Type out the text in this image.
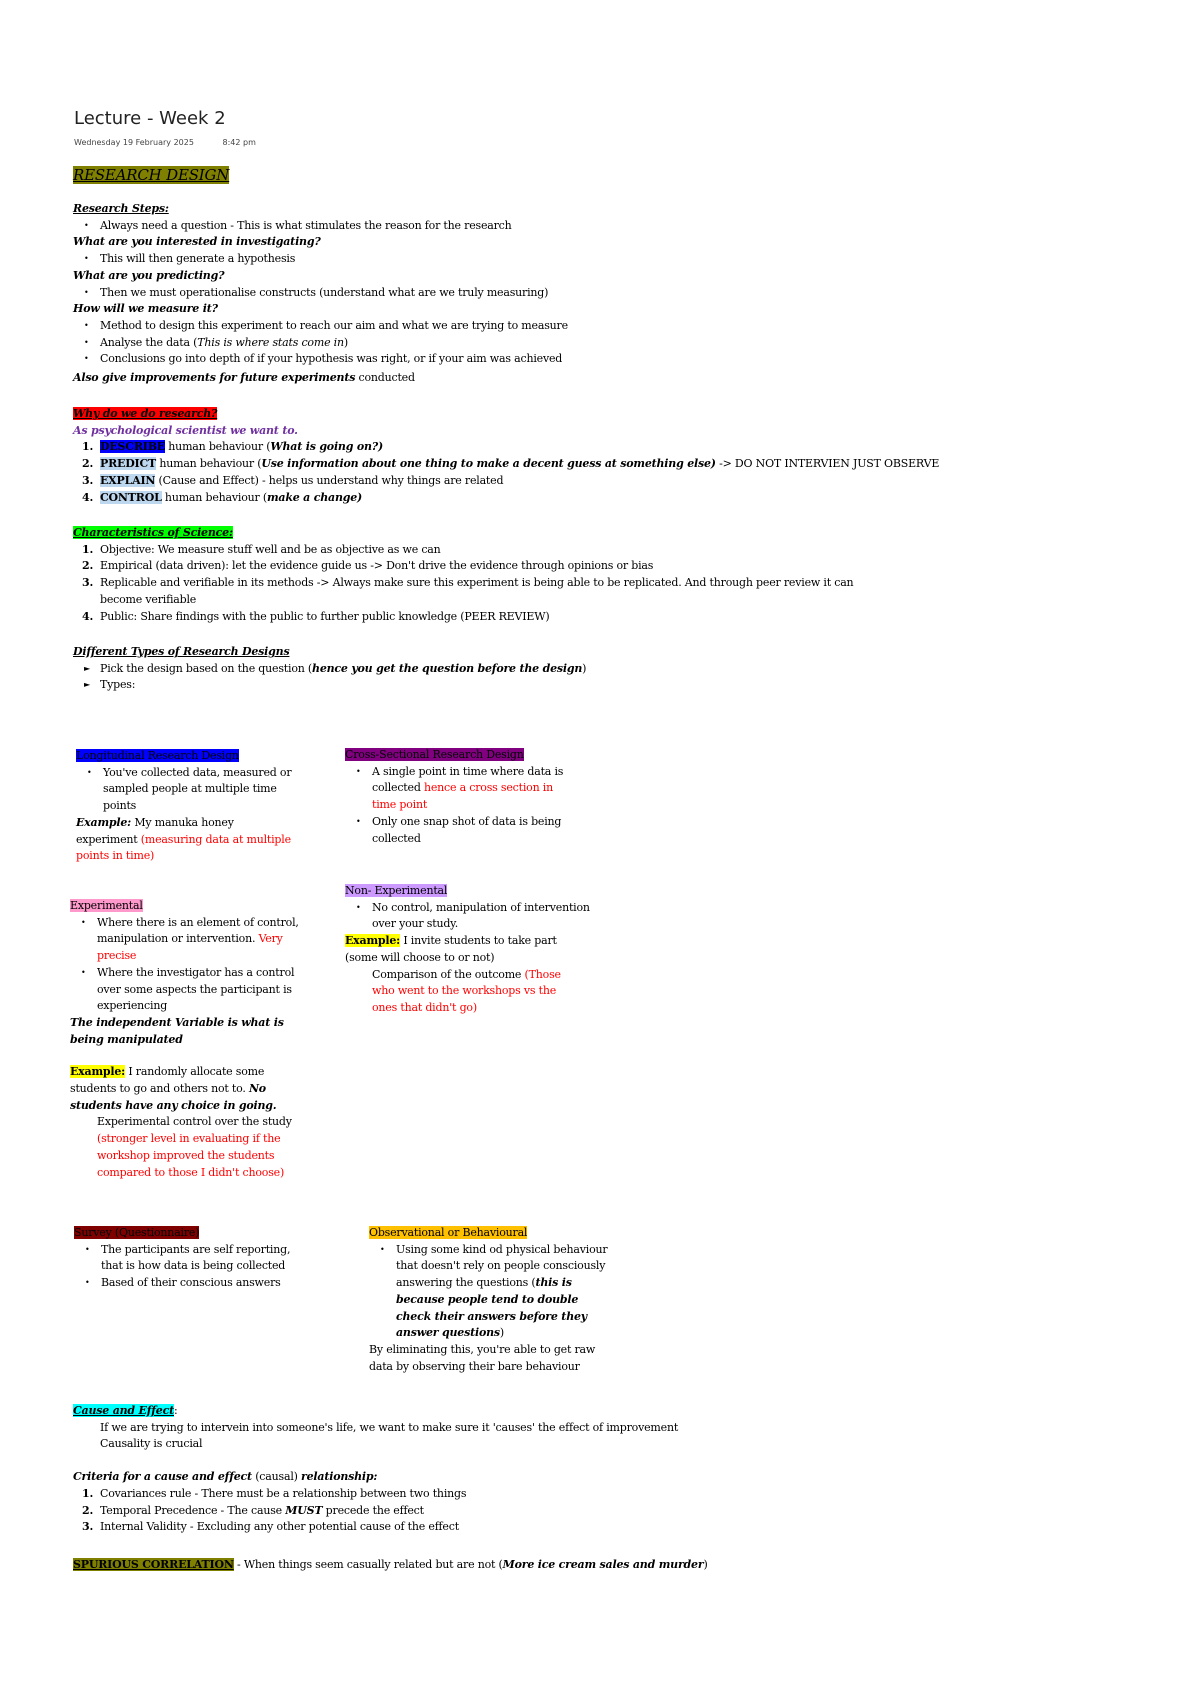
Lecture - Week 2
Wednesday 19 February 2025	8:42 pm
RESEARCH DESIGN
Research Steps:
• Always need a question - This is what stimulates the reason for the research
What are you interested in investigating?
• This will then generate a hypothesis
What are you predicting?
• Then we must operationalise constructs (understand what are we truly measuring)
How will we measure it?
• Method to design this experiment to reach our aim and what we are trying to measure
• Analyse the data (This is where stats come in)
• Conclusions go into depth of if your hypothesis was right, or if your aim was achieved
Also give improvements for future experiments conducted
Why do we do research?
As psychological scientist we want to.
1. DESCRIBE human behaviour (What is going on?)
2. PREDICT human behaviour (Use information about one thing to make a decent guess at something else) -> DO NOT INTERVIEN JUST OBSERVE
3. EXPLAIN (Cause and Effect) - helps us understand why things are related
4. CONTROL human behaviour (make a change)
Characteristics of Science:
1. Objective: We measure stuff well and be as objective as we can
2. Empirical (data driven): let the evidence guide us -> Don't drive the evidence through opinions or bias
3. Replicable and verifiable in its methods -> Always make sure this experiment is being able to be replicated. And through peer review it can become verifiable
4. Public: Share findings with the public to further public knowledge (PEER REVIEW)
Different Types of Research Designs
► Pick the design based on the question (hence you get the question before the design)
► Types:
Longitudinal Research Design
• You've collected data, measured or sampled people at multiple time points
Example: My manuka honey experiment (measuring data at multiple points in time)
Cross-Sectional Research Design
• A single point in time where data is collected hence a cross section in time point
• Only one snap shot of data is being collected
Experimental
• Where there is an element of control, manipulation or intervention. Very precise
• Where the investigator has a control over some aspects the participant is experiencing
The independent Variable is what is being manipulated
Example: I randomly allocate some students to go and others not to. No students have any choice in going.
Experimental control over the study (stronger level in evaluating if the workshop improved the students compared to those I didn't choose)
Non- Experimental
• No control, manipulation of intervention over your study.
Example: I invite students to take part (some will choose to or not)
Comparison of the outcome (Those who went to the workshops vs the ones that didn't go)
Survey (Questionnaire)
• The participants are self reporting, that is how data is being collected
• Based of their conscious answers
Observational or Behavioural
• Using some kind od physical behaviour that doesn't rely on people consciously answering the questions (this is because people tend to double check their answers before they answer questions)
By eliminating this, you're able to get raw data by observing their bare behaviour
Cause and Effect:
If we are trying to intervein into someone's life, we want to make sure it 'causes' the effect of improvement
Causality is crucial
Criteria for a cause and effect (causal) relationship:
1. Covariances rule - There must be a relationship between two things
2. Temporal Precedence - The cause MUST precede the effect
3. Internal Validity - Excluding any other potential cause of the effect
SPURIOUS CORRELATION - When things seem casually related but are not (More ice cream sales and murder)
